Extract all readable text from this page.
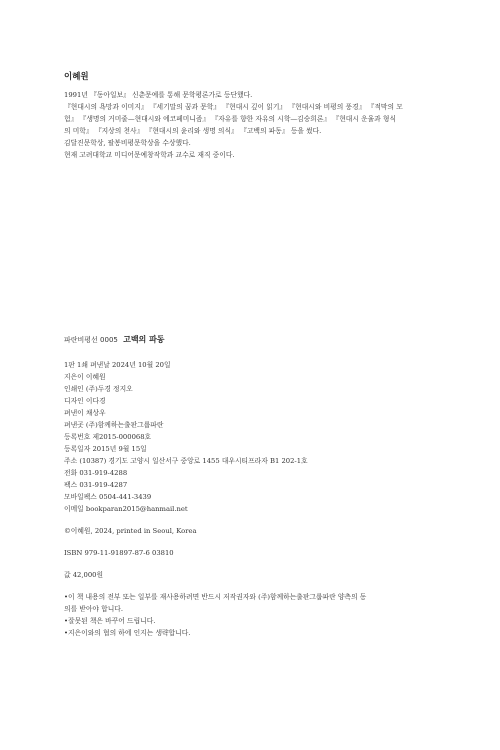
이혜원

1991년 『동아일보』 신춘문예를 통해 문학평론가로 등단했다.

『현대시의 욕망과 이미지』 『세기말의 꿈과 문학』 『현대시 깊이 읽기』 『현대시와 비평의 풍경』 『적막의 모

험』 『생명의 거미줄—현대시와 에코페미니즘』 『자유를 향한 자유의 시학—김승희론』 『현대시 운율과 형식

의 미학』 『지상의 천사』 『현대시의 윤리와 생명 의식』 『고백의 파동』 등을 썼다.

김달진문학상, 팔봉비평문학상을 수상했다.

현재 고려대학교 미디어문예창작학과 교수로 재직 중이다.

파란비평선 0005 고백의 파동

1판 1쇄 펴낸날 2024년 10월 20일

지은이 이혜원

인쇄인 (주)두경 정지오

디자인 이다경

펴낸이 채상우

펴낸곳 (주)함께하는출판그룹파란

등록번호 제2015-000068호

등록일자 2015년 9월 15일

주소 (10387) 경기도 고양시 일산서구 중앙로 1455 대우시티프라자 B1 202-1호

전화 031-919-4288

팩스 031-919-4287

모바일팩스 0504-441-3439

이메일 bookparan2015@hanmail.net

©이혜원, 2024, printed in Seoul, Korea

ISBN 979-11-91897-87-6 03810

값 42,000원

•이 책 내용의 전부 또는 일부를 재사용하려면 반드시 저작권자와 (주)함께하는출판그룹파란 양측의 동

의를 받아야 합니다.

•잘못된 책은 바꾸어 드립니다.

•지은이와의 협의 하에 인지는 생략합니다.
